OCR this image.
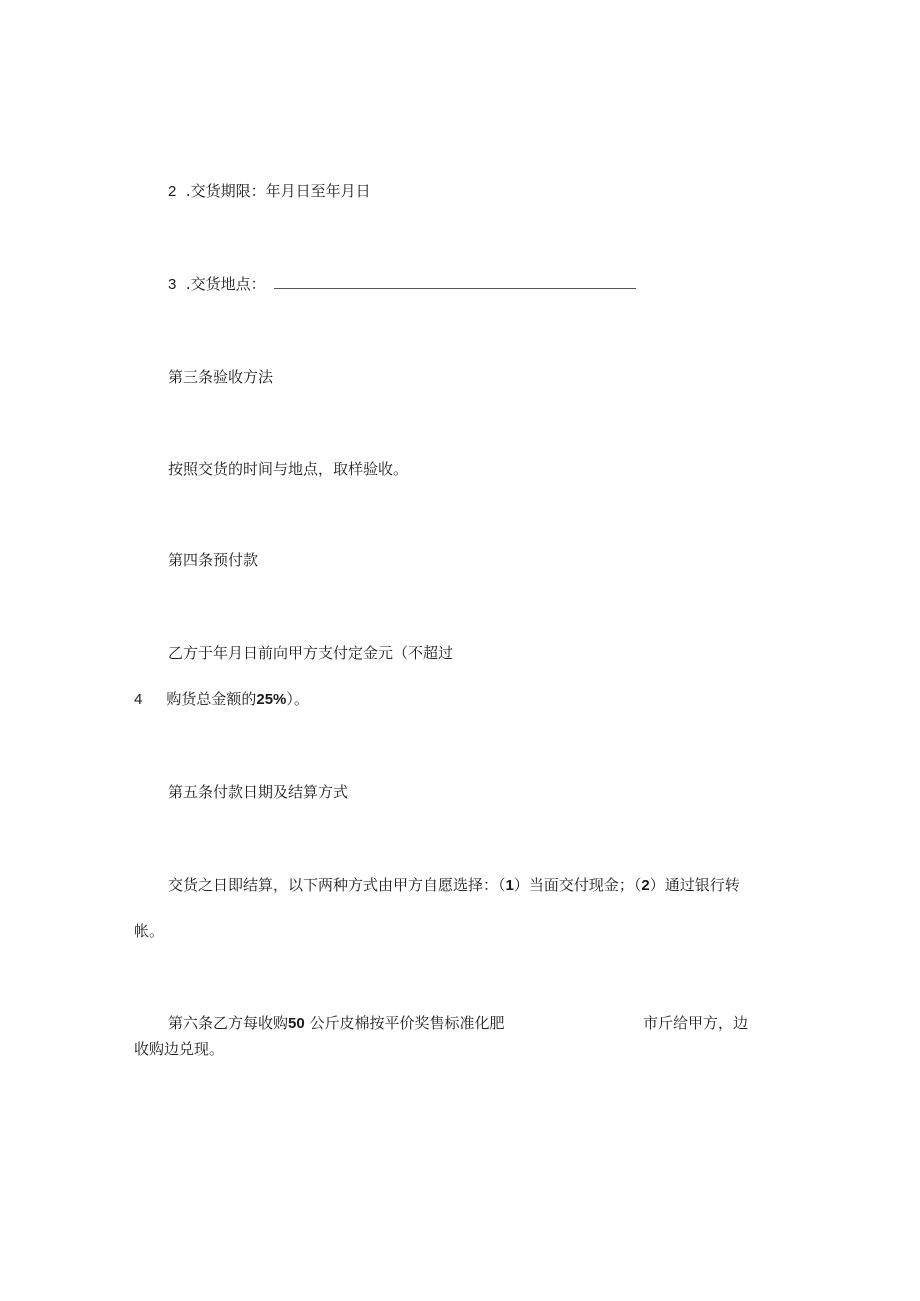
2 .交货期限：年月日至年月日
3 .交货地点：
第三条验收方法
按照交货的时间与地点，取样验收。
第四条预付款
乙方于年月日前向甲方支付定金元（不超过
4 购货总金额的25%）。
第五条付款日期及结算方式
交货之日即结算，以下两种方式由甲方自愿选择：（1）当面交付现金；（2）通过银行转
帐。
第六条乙方每收购50 公斤皮棉按平价奖售标准化肥	市斤给甲方，边
收购边兑现。
